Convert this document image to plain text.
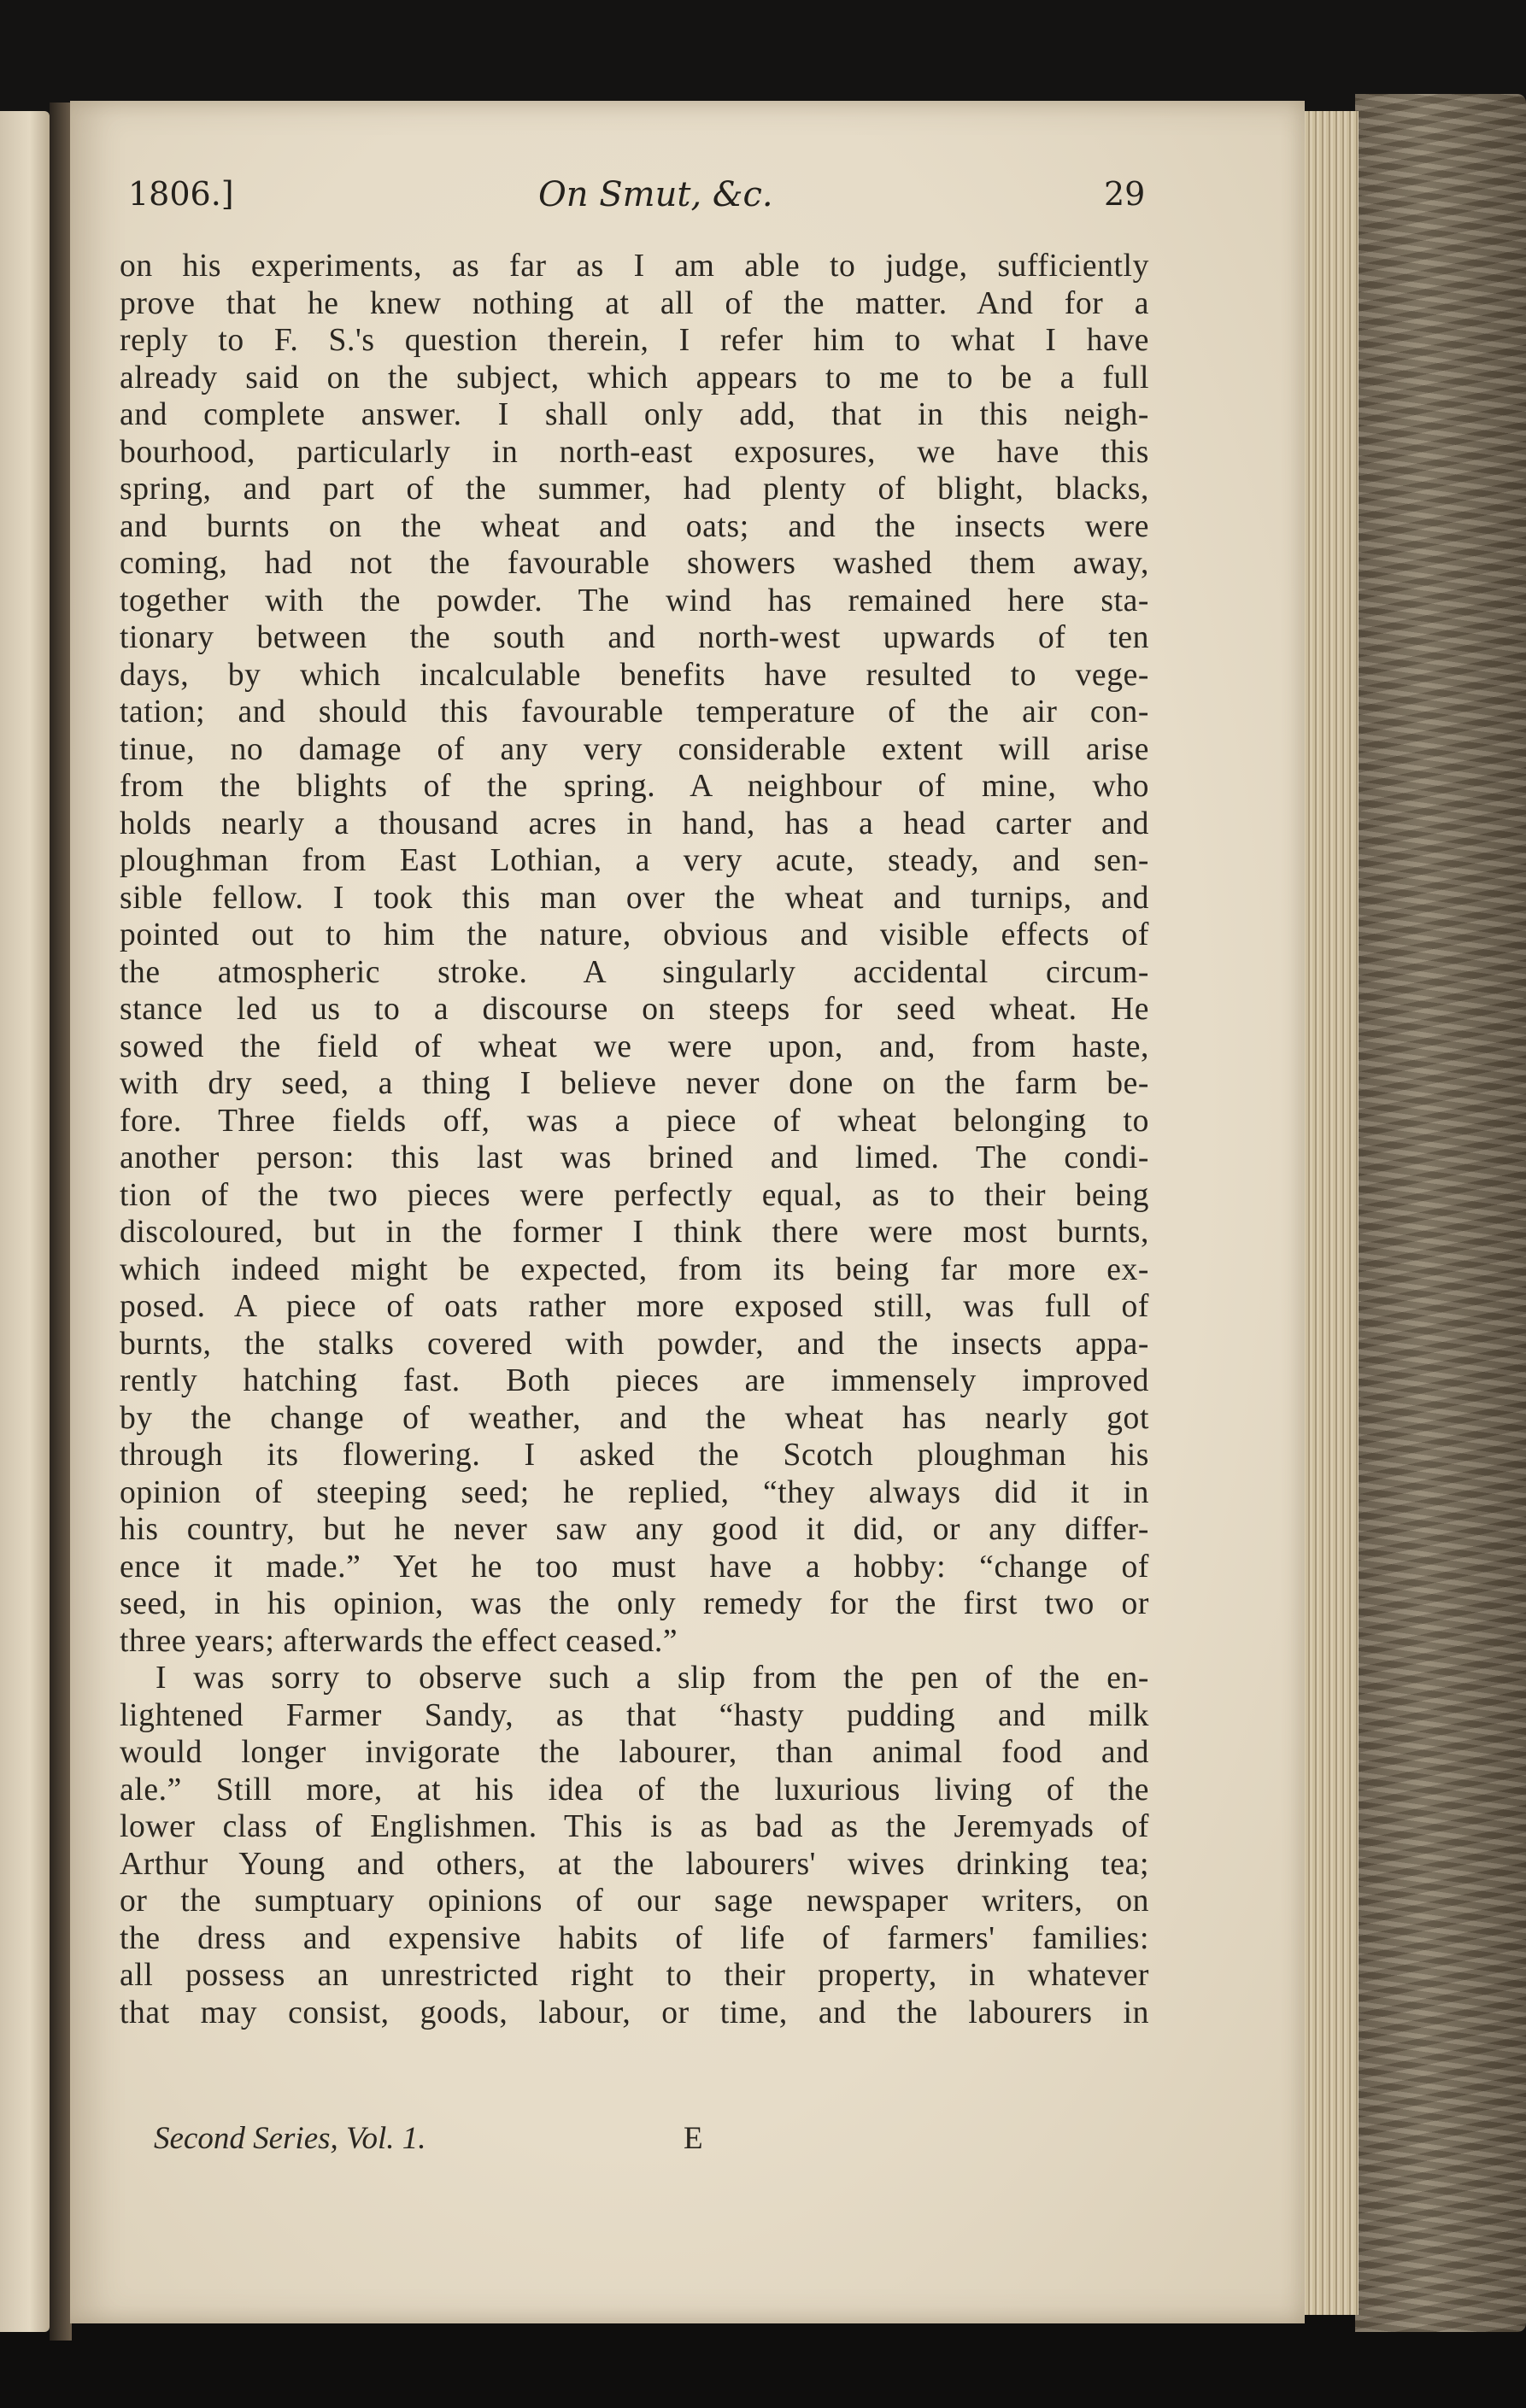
1806.]	On Smut, &c.	29
on his experiments, as far as I am able to judge, sufficiently
prove that he knew nothing at all of the matter. And for a
reply to F. S.'s question therein, I refer him to what I have
already said on the subject, which appears to me to be a full
and complete answer. I shall only add, that in this neigh-
bourhood, particularly in north-east exposures, we have this
spring, and part of the summer, had plenty of blight, blacks,
and burnts on the wheat and oats; and the insects were
coming, had not the favourable showers washed them away,
together with the powder. The wind has remained here sta-
tionary between the south and north-west upwards of ten
days, by which incalculable benefits have resulted to vege-
tation; and should this favourable temperature of the air con-
tinue, no damage of any very considerable extent will arise
from the blights of the spring. A neighbour of mine, who
holds nearly a thousand acres in hand, has a head carter and
ploughman from East Lothian, a very acute, steady, and sen-
sible fellow. I took this man over the wheat and turnips, and
pointed out to him the nature, obvious and visible effects of
the atmospheric stroke. A singularly accidental circum-
stance led us to a discourse on steeps for seed wheat. He
sowed the field of wheat we were upon, and, from haste,
with dry seed, a thing I believe never done on the farm be-
fore. Three fields off, was a piece of wheat belonging to
another person: this last was brined and limed. The condi-
tion of the two pieces were perfectly equal, as to their being
discoloured, but in the former I think there were most burnts,
which indeed might be expected, from its being far more ex-
posed. A piece of oats rather more exposed still, was full of
burnts, the stalks covered with powder, and the insects appa-
rently hatching fast. Both pieces are immensely improved
by the change of weather, and the wheat has nearly got
through its flowering. I asked the Scotch ploughman his
opinion of steeping seed; he replied, “they always did it in
his country, but he never saw any good it did, or any differ-
ence it made.” Yet he too must have a hobby: “change of
seed, in his opinion, was the only remedy for the first two or
three years; afterwards the effect ceased.”
I was sorry to observe such a slip from the pen of the en-
lightened Farmer Sandy, as that “hasty pudding and milk
would longer invigorate the labourer, than animal food and
ale.” Still more, at his idea of the luxurious living of the
lower class of Englishmen. This is as bad as the Jeremyads of
Arthur Young and others, at the labourers' wives drinking tea;
or the sumptuary opinions of our sage newspaper writers, on
the dress and expensive habits of life of farmers' families:
all possess an unrestricted right to their property, in whatever
that may consist, goods, labour, or time, and the labourers in
Second Series, Vol. 1.	E
